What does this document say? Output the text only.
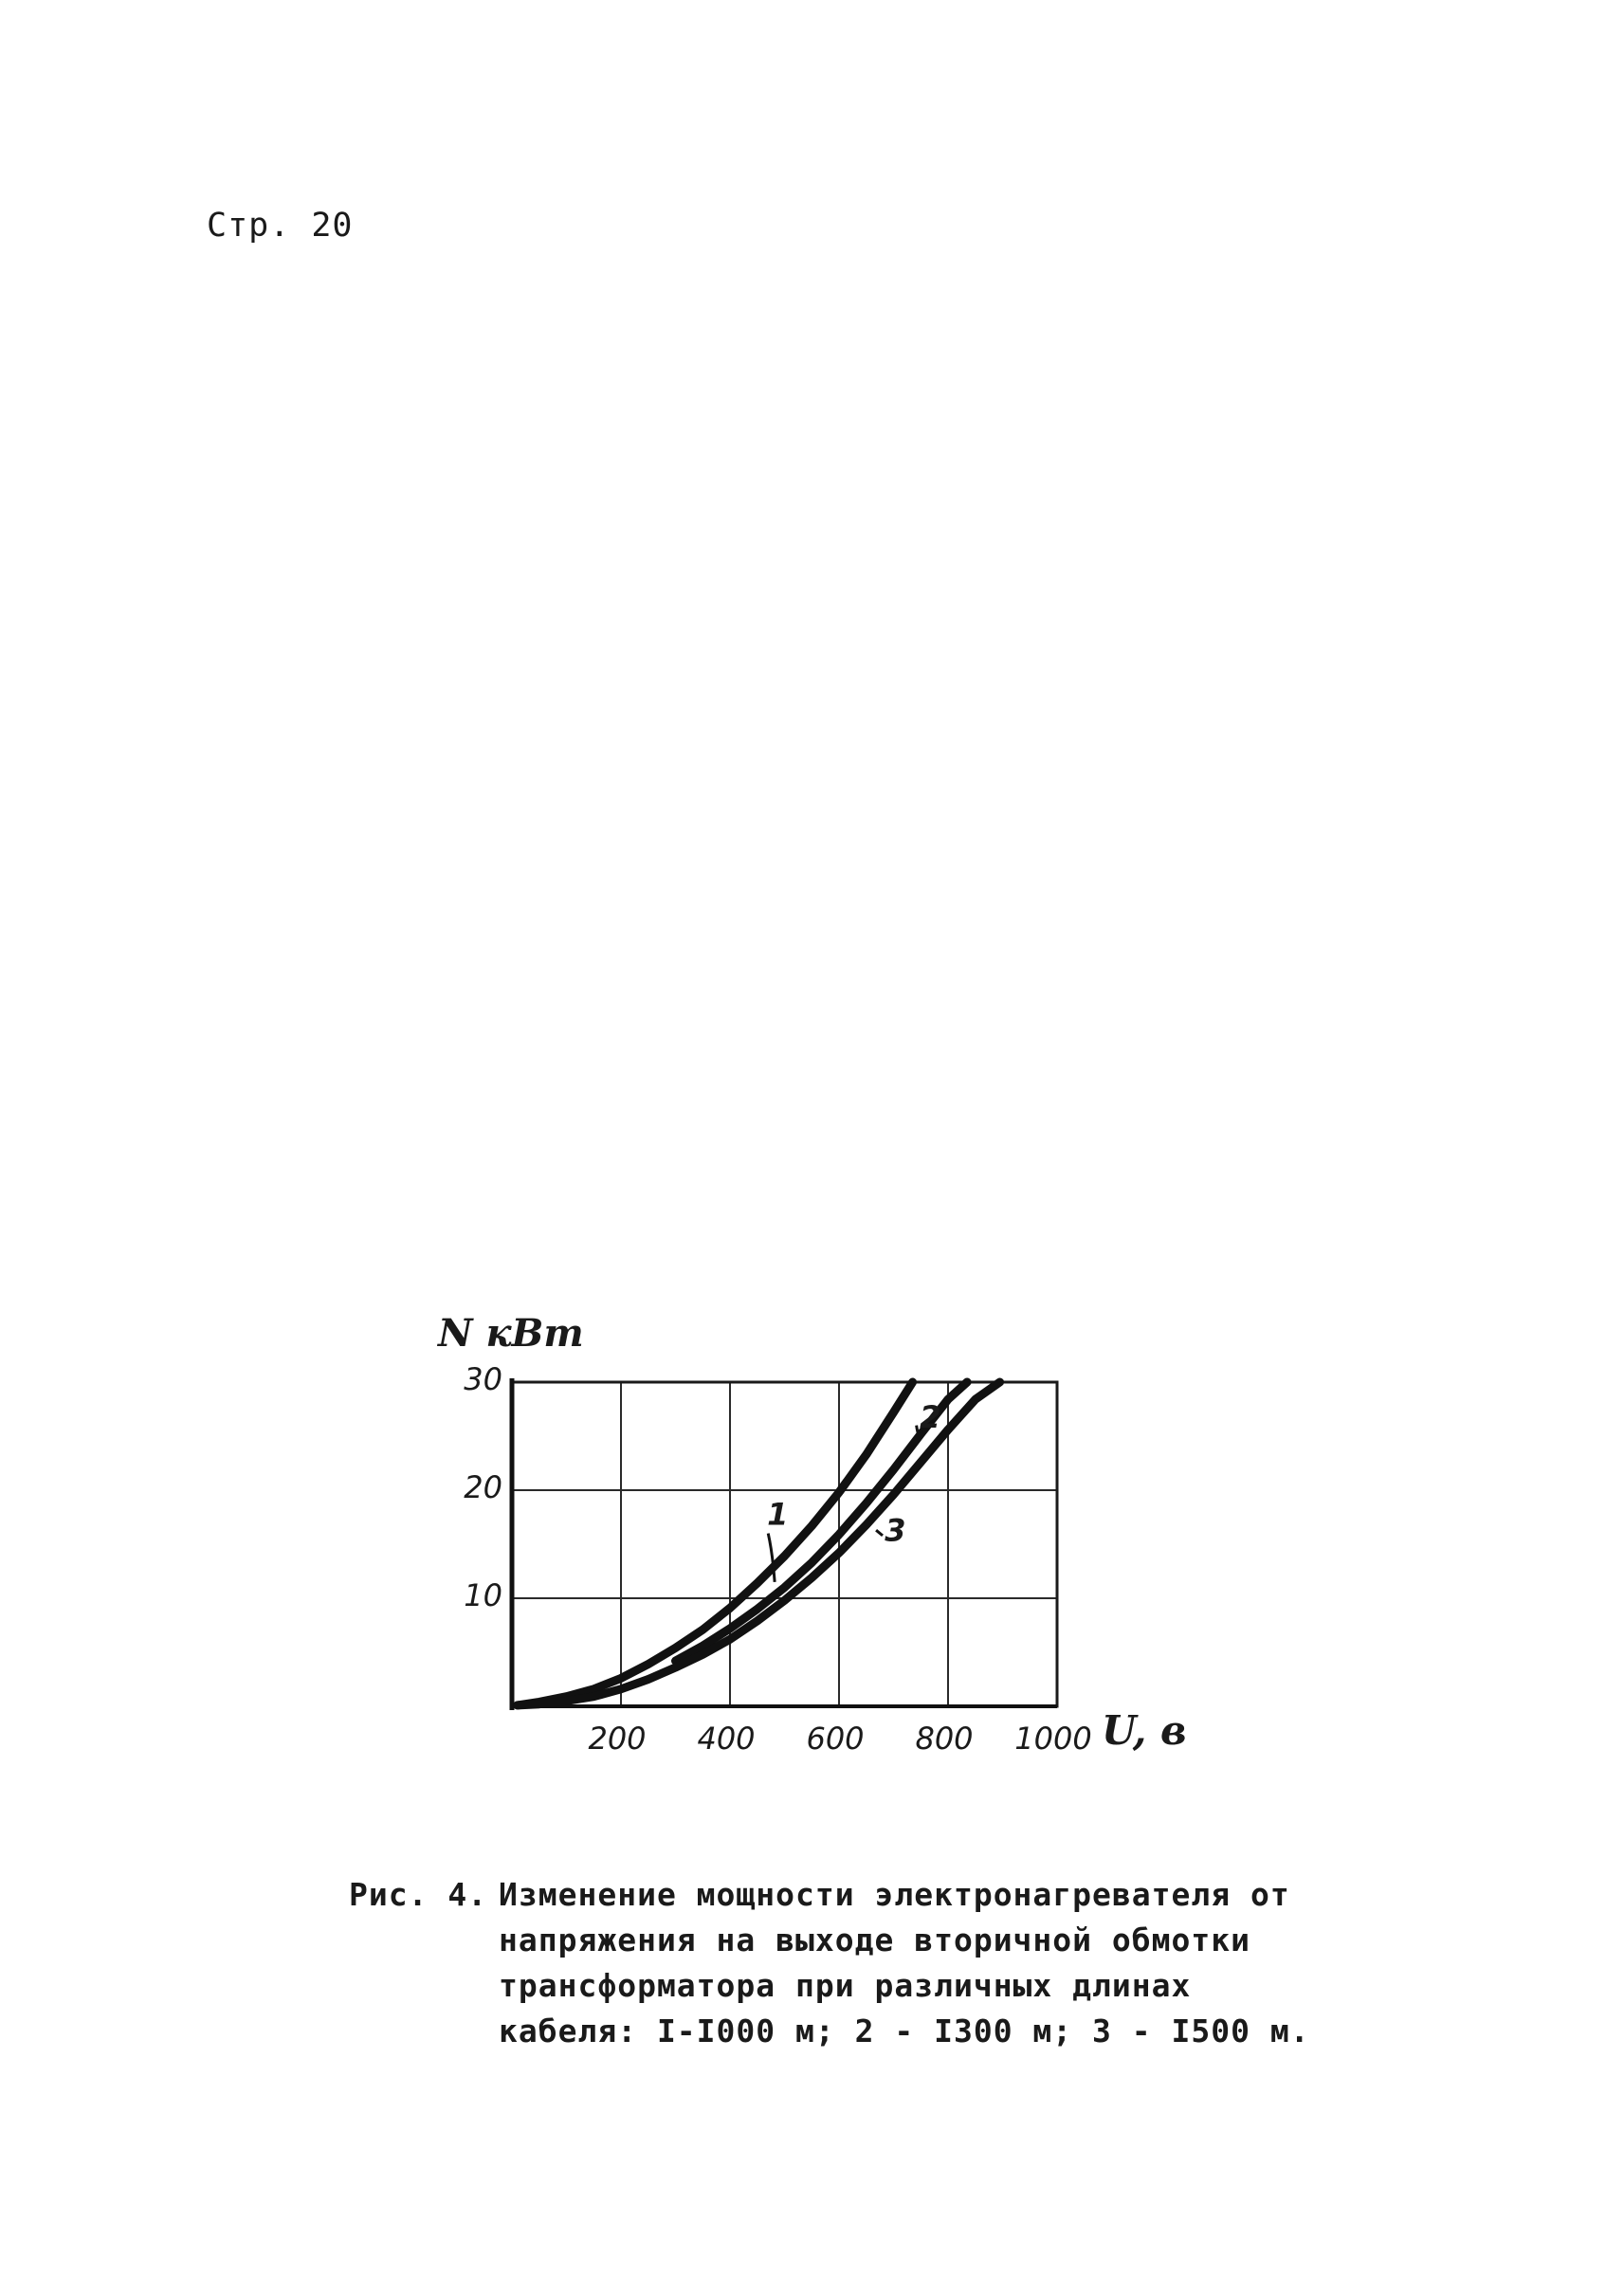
Стр. 20
200 400 600 800 1000
10
20
30
N кВт
U, в
1
2
3
Рис. 4. Изменение мощности электронагревателя от
напряжения на выходе вторичной обмотки
трансформатора при различных длинах
кабеля: I-I000 м; 2 - I300 м; 3 - I500 м.
